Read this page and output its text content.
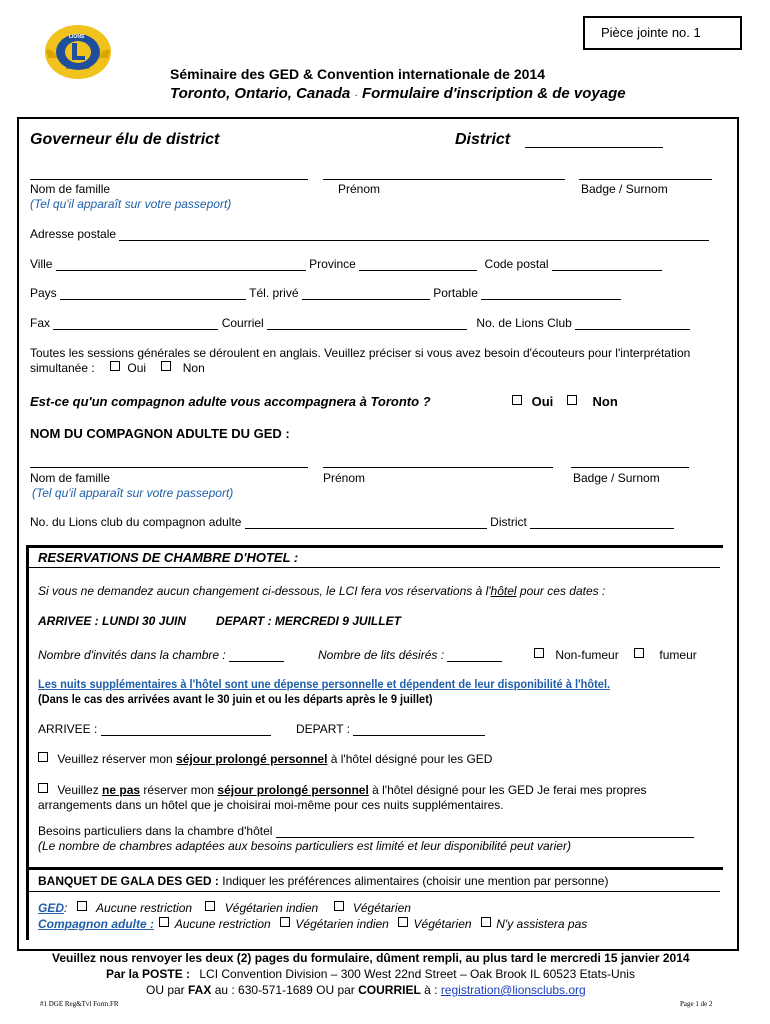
Pièce jointe no. 1
LIONS
INTERNATIONAL	Séminaire des GED & Convention internationale de 2014
Toronto, Ontario, Canada · Formulaire d'inscription & de voyage
Governeur élu de district	District
Nom de famille
(Tel qu'il apparaît sur votre passeport)
Prénom	Badge / Surnom
Adresse postale
Ville	Province	Code postal
Pays	Tél. privé	Portable
Fax	Courriel	No. de Lions Club
Toutes les sessions générales se déroulent en anglais. Veuillez préciser si vous avez besoin d'écouteurs pour l'interprétation
simultanée :	Oui	Non
Est-ce qu'un compagnon adulte vous accompagnera à Toronto ?	Oui	Non
NOM DU COMPAGNON ADULTE DU GED :
Nom de famille
(Tel qu'il apparaît sur votre passeport)
Prénom	Badge / Surnom
No. du Lions club du compagnon adulte	District
RESERVATIONS DE CHAMBRE D'HOTEL :
Si vous ne demandez aucun changement ci-dessous, le LCI fera vos réservations à l'hôtel pour ces dates :
ARRIVEE : LUNDI 30 JUIN DEPART : MERCREDI 9 JUILLET
Nombre d'invités dans la chambre :	Nombre de lits désirés :	Non-fumeur	fumeur
Les nuits supplémentaires à l'hôtel sont une dépense personnelle et dépendent de leur disponibilité à l'hôtel.
(Dans le cas des arrivées avant le 30 juin et ou les départs après le 9 juillet)
ARRIVEE :	DEPART :
Veuillez réserver mon séjour prolongé personnel à l'hôtel désigné pour les GED
Veuillez ne pas réserver mon séjour prolongé personnel à l'hôtel désigné pour les GED Je ferai mes propres
arrangements dans un hôtel que je choisirai moi-même pour ces nuits supplémentaires.
Besoins particuliers dans la chambre d'hôtel
(Le nombre de chambres adaptées aux besoins particuliers est limité et leur disponibilité peut varier)
BANQUET DE GALA DES GED : Indiquer les préférences alimentaires (choisir une mention par personne)
GED: Aucune restriction	Végétarien indien	Végétarien
Compagnon adulte : Aucune restriction Végétarien indien Végétarien N'y assistera pas
Veuillez nous renvoyer les deux (2) pages du formulaire, dûment rempli, au plus tard le mercredi 15 janvier 2014
Par la POSTE : LCI Convention Division – 300 West 22nd Street – Oak Brook IL 60523 Etats-Unis
OU par FAX au : 630-571-1689 OU par COURRIEL à : registration@lionsclubs.org
#1 DGE Reg&Tvl Form.FR	Page 1 de 2
